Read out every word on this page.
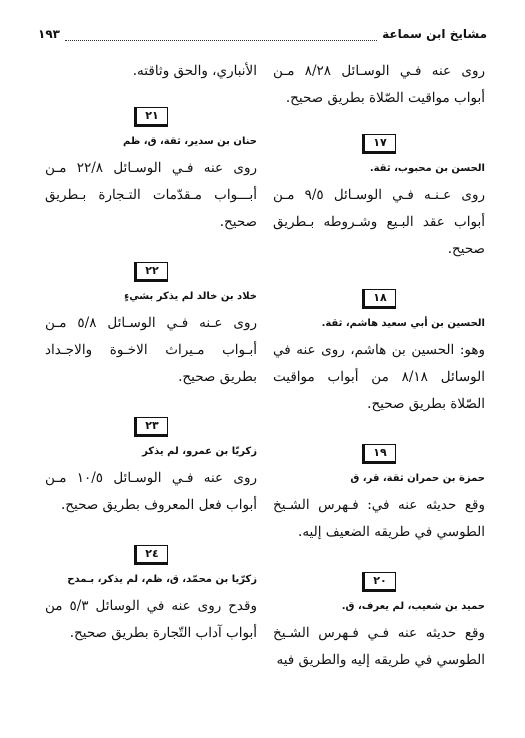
مشايخ ابن سماعة
١٩٣

روى عنه فـي الوسـائل ٨/٢٨ مـن أبواب مواقيت الصّلاة بطريق صحيح.

١٧

الحسن بن محبوب، ثقة.

روى عـنـه فـي الوسـائل ٩/٥ مـن أبواب عقد البـيع وشـروطه بـطريق صحيح.

١٨

الحسين بن أبي سعيد هاشم، ثقة.

وهو: الحسين بن هاشم، روى عنه في الوسائل ٨/١٨ من أبواب مواقيت الصّلاة بطريق صحيح.

١٩

حمزة بن حمران ثقة، قر، ق

وقع حديثه عنه في: فـهرس الشـيخ الطوسي في طريقه الضعيف إليه.

٢٠

حميد بن شعيب، لم يعرف، ق.

وقع حديثه عنه فـي فـهرس الشـيخ الطوسي في طريقه إليه والطريق فيه

الأنباري، والحق وثاقته.

٢١

حنان بن سدير، ثقة، ق، ظم

روى عنه فـي الوسـائل ٢٢/٨ مـن أبـــواب مـقدّمات التـجارة بـطريق صحيح.

٢٢

خلاد بن خالد لم يذكر بشيءٍ

روى عـنه فـي الوسـائل ٥/٨ مـن أبـواب مـيراث الاخـوة والاجـداد بطريق صحيح.

٢٣

زكريّا بن عمرو، لم يذكر

روى عنه فـي الوسـائل ١٠/٥ مـن أبواب فعل المعروف بطريق صحيح.

٢٤

زكرّيا بن محمّد، ق، ظم، لم يذكر، بـمدح

وقدح روى عنه في الوسائل ٥/٣ من أبواب آداب التّجارة بطريق صحيح.
